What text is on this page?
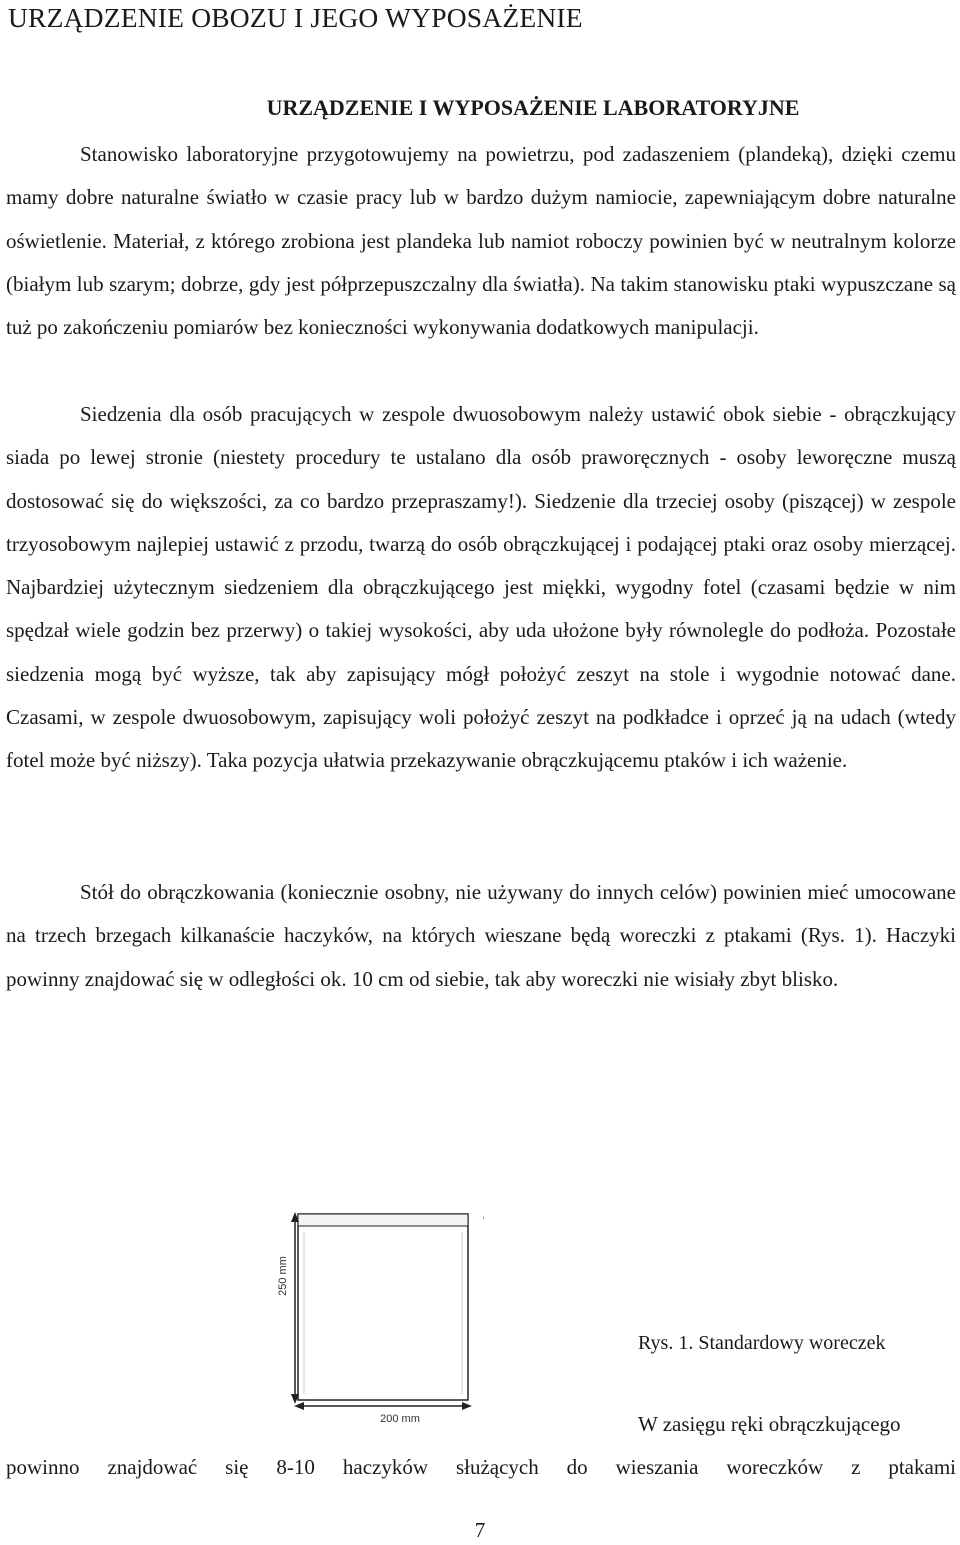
URZĄDZENIE OBOZU I JEGO WYPOSAŻENIE
URZĄDZENIE I WYPOSAŻENIE LABORATORYJNE

Stanowisko laboratoryjne przygotowujemy na powietrzu, pod zadaszeniem (plandeką), dzięki czemu mamy dobre naturalne światło w czasie pracy lub w bardzo dużym namiocie, zapewniającym dobre naturalne oświetlenie. Materiał, z którego zrobiona jest plandeka lub namiot roboczy powinien być w neutralnym kolorze (białym lub szarym; dobrze, gdy jest półprzepuszczalny dla światła). Na takim stanowisku ptaki wypuszczane są tuż po zakończeniu pomiarów bez konieczności wykonywania dodatkowych manipulacji.

Siedzenia dla osób pracujących w zespole dwuosobowym należy ustawić obok siebie - obrączkujący siada po lewej stronie (niestety procedury te ustalano dla osób praworęcznych - osoby leworęczne muszą dostosować się do większości, za co bardzo przepraszamy!). Siedzenie dla trzeciej osoby (piszącej) w zespole trzyosobowym najlepiej ustawić z przodu, twarzą do osób obrączkującej i podającej ptaki oraz osoby mierzącej. Najbardziej użytecznym siedzeniem dla obrączkującego jest miękki, wygodny fotel (czasami będzie w nim spędzał wiele godzin bez przerwy) o takiej wysokości, aby uda ułożone były równolegle do podłoża. Pozostałe siedzenia mogą być wyższe, tak aby zapisujący mógł położyć zeszyt na stole i wygodnie notować dane. Czasami, w zespole dwuosobowym, zapisujący woli położyć zeszyt na podkładce i oprzeć ją na udach (wtedy fotel może być niższy). Taka pozycja ułatwia przekazywanie obrączkującemu ptaków i ich ważenie.

Stół do obrączkowania (koniecznie osobny, nie używany do innych celów) powinien mieć umocowane na trzech brzegach kilkanaście haczyków, na których wieszane będą woreczki z ptakami (Rys. 1). Haczyki powinny znajdować się w odległości ok. 10 cm od siebie, tak aby woreczki nie wisiały zbyt blisko.

250 mm
200 mm

Rys. 1. Standardowy woreczek

W zasięgu ręki obrączkującego

powinno znajdować się 8-10 haczyków służących do wieszania woreczków z ptakami

7
